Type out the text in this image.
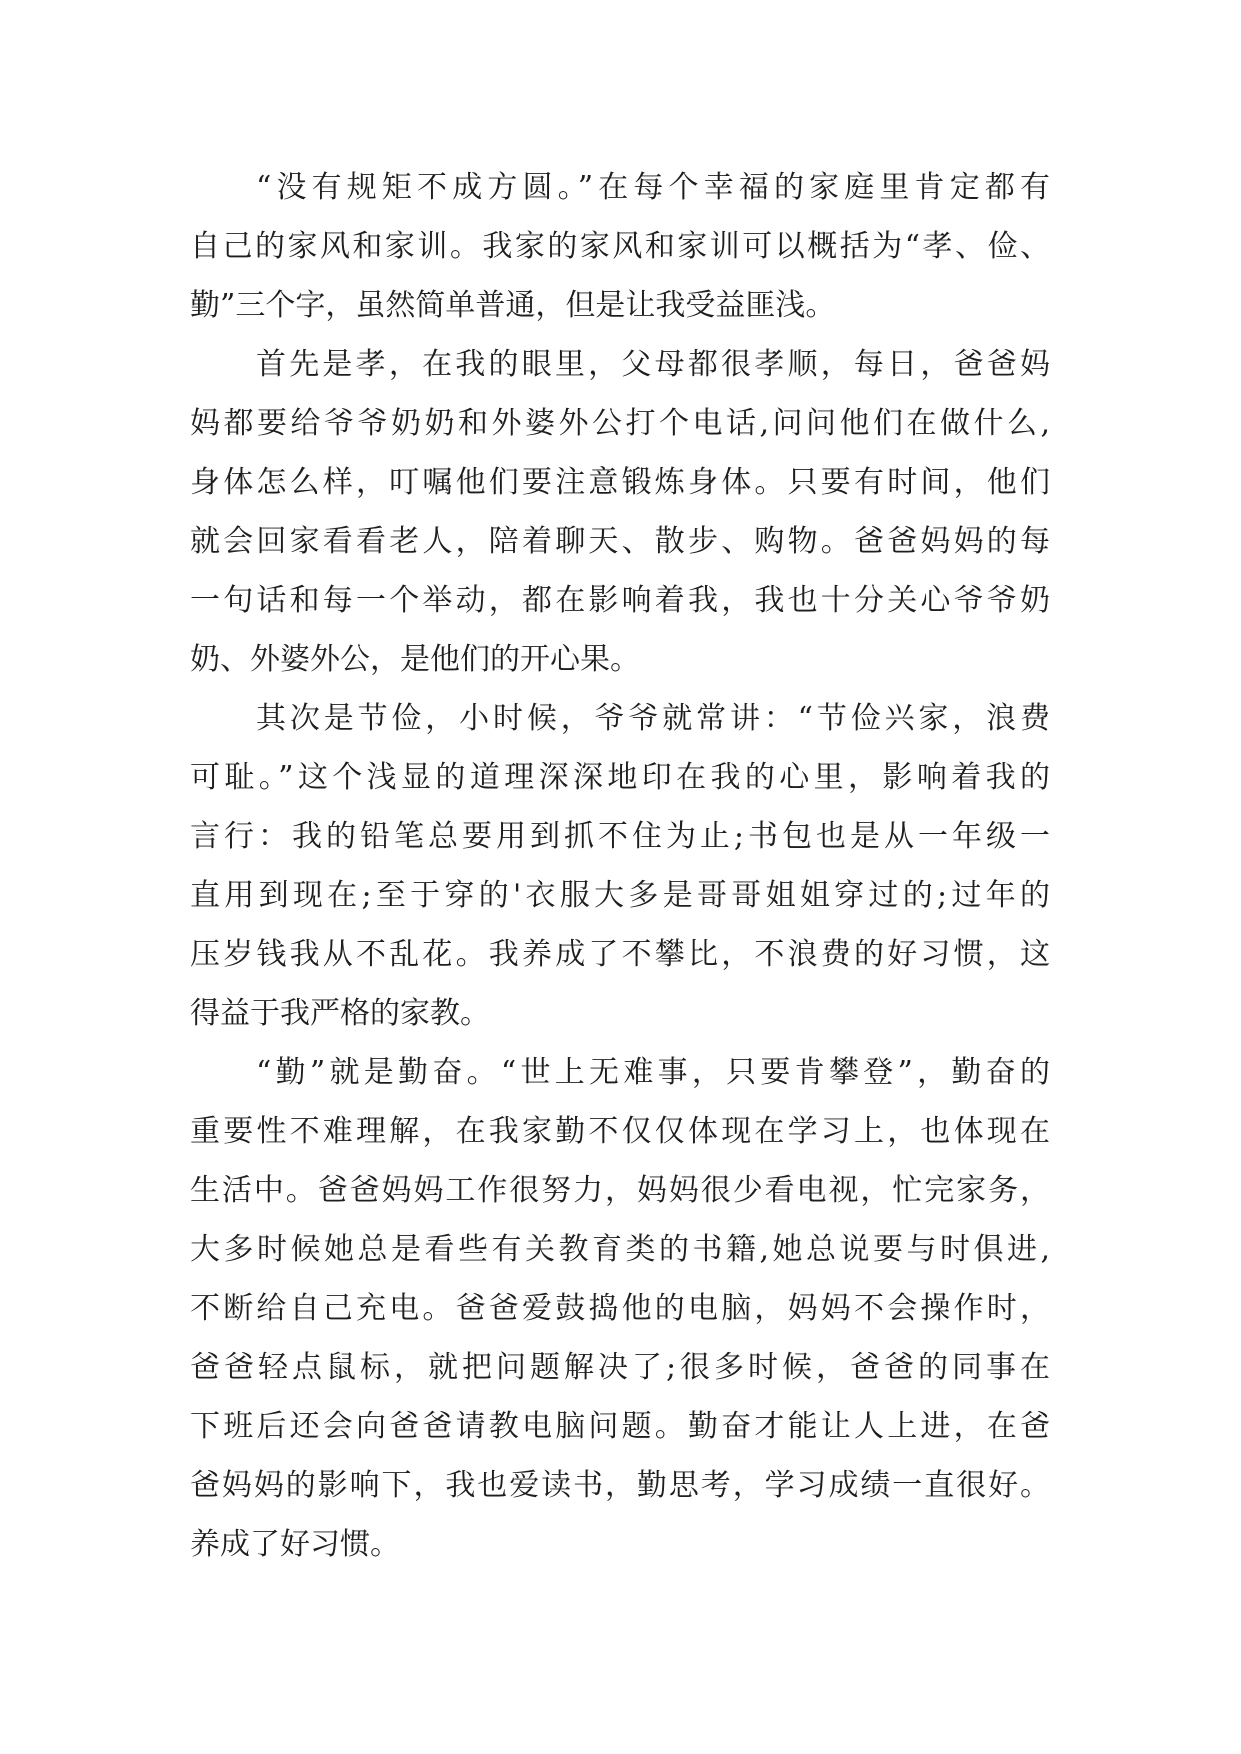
“没有规矩不成方圆。”在每个幸福的家庭里肯定都有
自己的家风和家训。我家的家风和家训可以概括为“孝、俭、
勤”三个字，虽然简单普通，但是让我受益匪浅。
首先是孝，在我的眼里，父母都很孝顺，每日，爸爸妈
妈都要给爷爷奶奶和外婆外公打个电话,问问他们在做什么,
身体怎么样，叮嘱他们要注意锻炼身体。只要有时间，他们
就会回家看看老人，陪着聊天、散步、购物。爸爸妈妈的每
一句话和每一个举动，都在影响着我，我也十分关心爷爷奶
奶、外婆外公，是他们的开心果。
其次是节俭，小时候，爷爷就常讲：“节俭兴家，浪费
可耻。”这个浅显的道理深深地印在我的心里，影响着我的
言行：我的铅笔总要用到抓不住为止;书包也是从一年级一
直用到现在;至于穿的'衣服大多是哥哥姐姐穿过的;过年的
压岁钱我从不乱花。我养成了不攀比，不浪费的好习惯，这
得益于我严格的家教。
“勤”就是勤奋。“世上无难事，只要肯攀登”，勤奋的
重要性不难理解，在我家勤不仅仅体现在学习上，也体现在
生活中。爸爸妈妈工作很努力，妈妈很少看电视，忙完家务，
大多时候她总是看些有关教育类的书籍,她总说要与时俱进,
不断给自己充电。爸爸爱鼓捣他的电脑，妈妈不会操作时，
爸爸轻点鼠标，就把问题解决了;很多时候，爸爸的同事在
下班后还会向爸爸请教电脑问题。勤奋才能让人上进，在爸
爸妈妈的影响下，我也爱读书，勤思考，学习成绩一直很好。
养成了好习惯。
